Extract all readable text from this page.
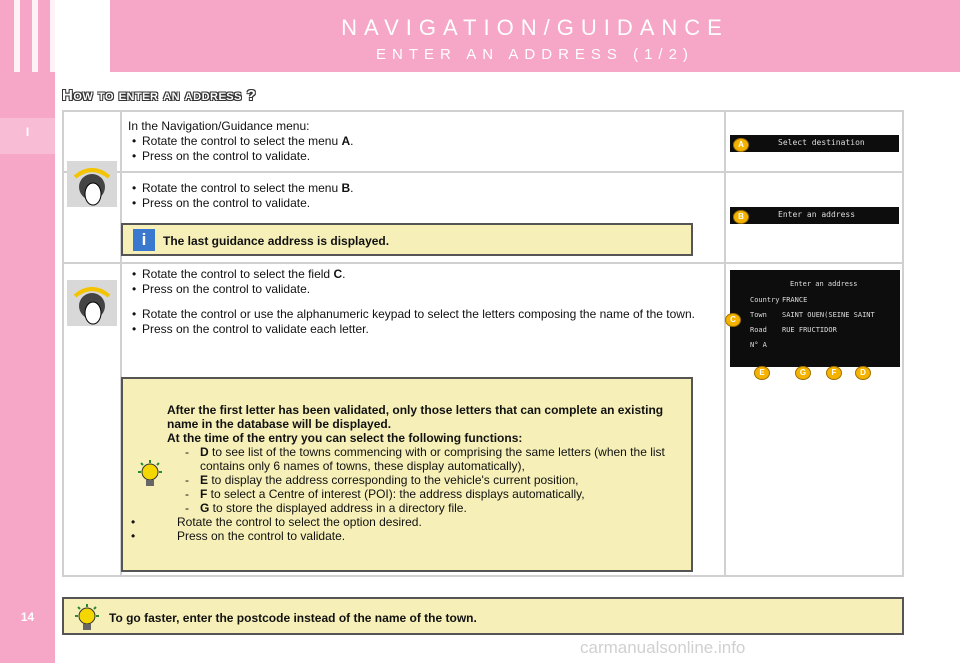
I
14
NAVIGATION/GUIDANCE
ENTER AN ADDRESS (1/2)
How to enter an address ?
In the Navigation/Guidance menu:
• Rotate the control to select the menu A.
• Press on the control to validate.
Select destination
A
• Rotate the control to select the menu B.
• Press on the control to validate.
i	The last guidance address is displayed.
Enter an address
B
• Rotate the control to select the field C.
• Press on the control to validate.
• Rotate the control or use the alphanumeric keypad to select the letters composing the name of the town.
• Press on the control to validate each letter.
Enter an address
Country FRANCE
Town SAINT OUEN(SEINE SAINT
Road RUE FRUCTIDOR
N° A
C
E	G	F	D
After the first letter has been validated, only those letters that can complete an existing name in the database will be displayed.
At the time of the entry you can select the following functions:
- D to see list of the towns commencing with or comprising the same letters (when the list contains only 6 names of towns, these display automatically),
- E to display the address corresponding to the vehicle's current position,
- F to select a Centre of interest (POI): the address displays automatically,
- G to store the displayed address in a directory file.
• Rotate the control to select the option desired.
• Press on the control to validate.
To go faster, enter the postcode instead of the name of the town.
carmanualsonline.info
